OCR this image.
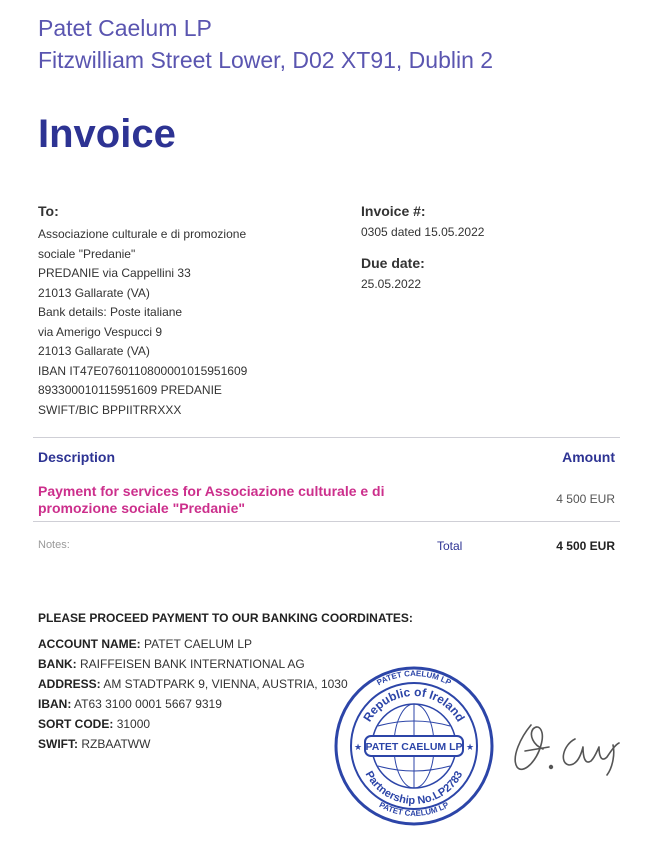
Patet Caelum LP
Fitzwilliam Street Lower, D02 XT91, Dublin 2
Invoice
To:
Associazione culturale e di promozione
sociale "Predanie"
PREDANIE via Cappellini 33
21013 Gallarate (VA)
Bank details: Poste italiane
via Amerigo Vespucci 9
21013 Gallarate (VA)
IBAN IT47E0760110800001015951609
893300010115951609 PREDANIE
SWIFT/BIC BPPIITRRXXX
Invoice #:
0305 dated 15.05.2022
Due date:
25.05.2022
Description	Amount
Payment for services for Associazione culturale e di
promozione sociale "Predanie"
4 500 EUR
Notes:	Total	4 500 EUR
PLEASE PROCEED PAYMENT TO OUR BANKING COORDINATES:
ACCOUNT NAME: PATET CAELUM LP
BANK: RAIFFEISEN BANK INTERNATIONAL AG
ADDRESS: AM STADTPARK 9, VIENNA, AUSTRIA, 1030
IBAN: AT63 3100 0001 5667 9319
SORT CODE: 31000
SWIFT: RZBAATWW
PATET CAELUM LP
PATET CAELUM LP
Republic of Ireland
Partnership No.LP2783
PATET CAELUM LP
★	★
